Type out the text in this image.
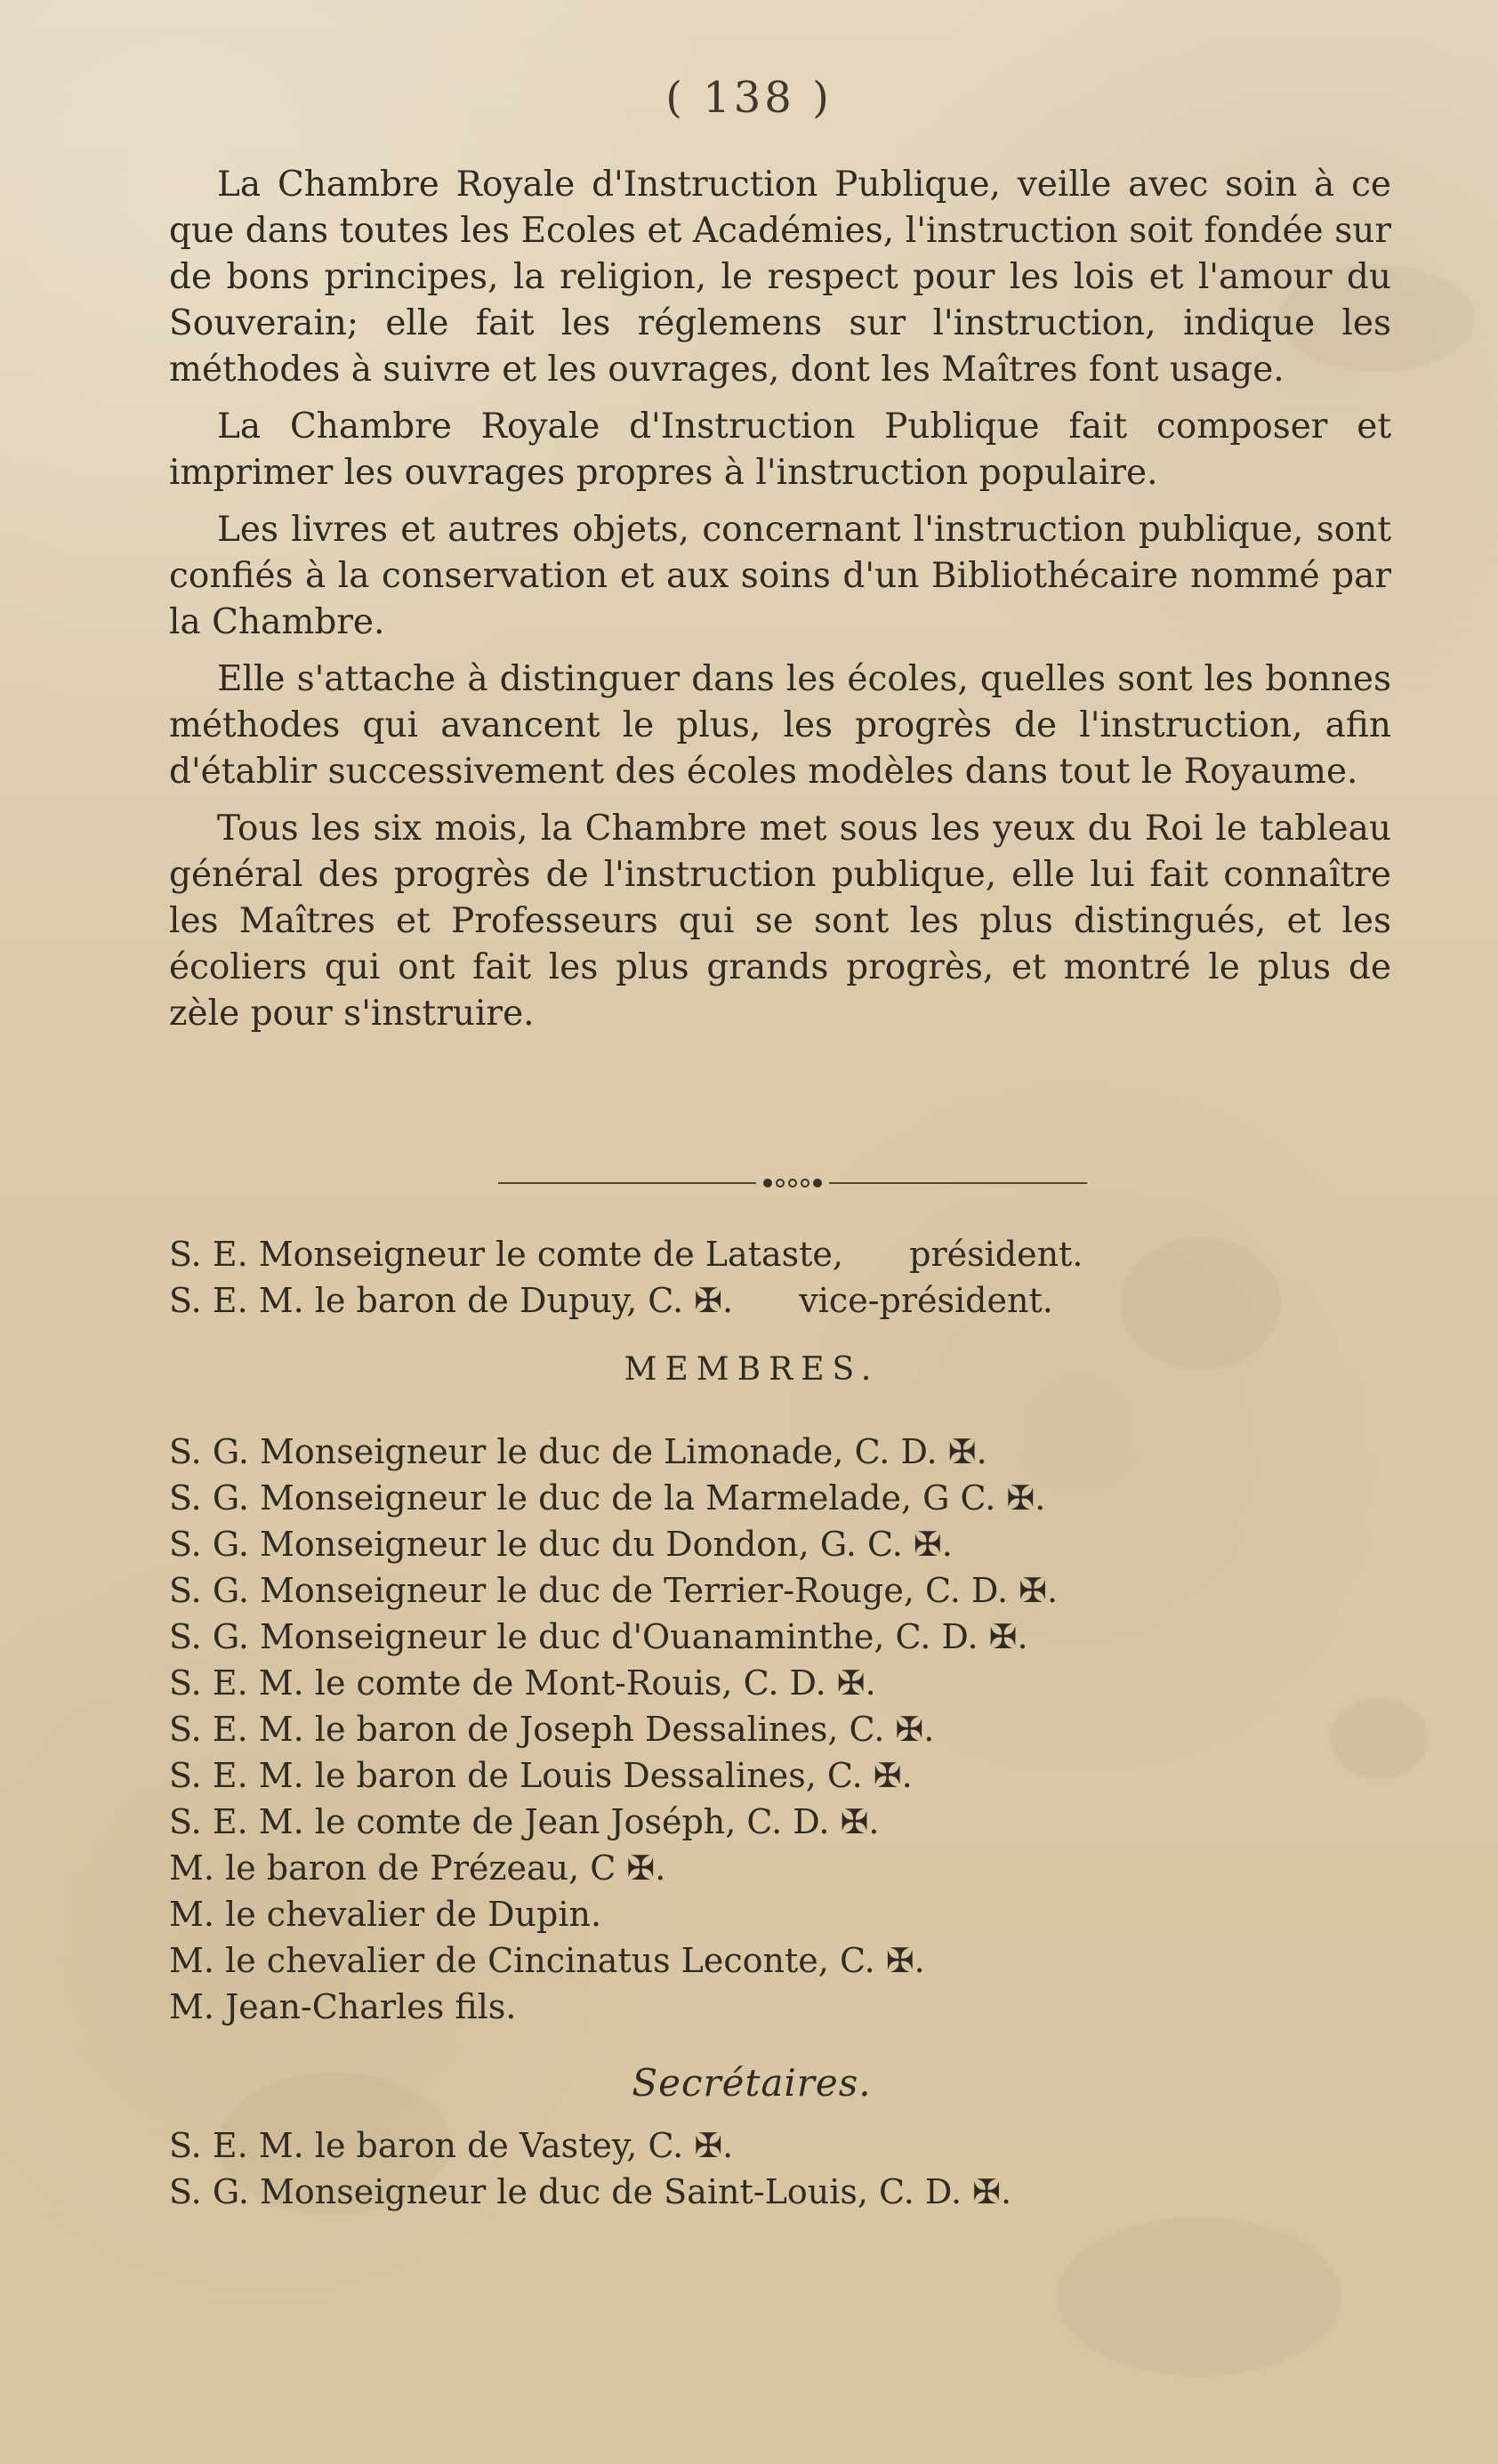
( 138 )

La Chambre Royale d'Instruction Publique, veille avec soin à ce que dans toutes les Ecoles et Académies, l'instruction soit fondée sur de bons principes, la religion, le respect pour les lois et l'amour du Souverain; elle fait les réglemens sur l'instruction, indique les méthodes à suivre et les ouvrages, dont les Maîtres font usage.

La Chambre Royale d'Instruction Publique fait composer et imprimer les ouvrages propres à l'instruction populaire.

Les livres et autres objets, concernant l'instruction publique, sont confiés à la conservation et aux soins d'un Bibliothécaire nommé par la Chambre.

Elle s'attache à distinguer dans les écoles, quelles sont les bonnes méthodes qui avancent le plus, les progrès de l'instruction, afin d'établir successivement des écoles modèles dans tout le Royaume.

Tous les six mois, la Chambre met sous les yeux du Roi le tableau général des progrès de l'instruction publique, elle lui fait connaître les Maîtres et Professeurs qui se sont les plus distingués, et les écoliers qui ont fait les plus grands progrès, et montré le plus de zèle pour s'instruire.

S. E. Monseigneur le comte de Lataste, président.
S. E. M. le baron de Dupuy, C. ✠. vice-président.
MEMBRES.
S. G. Monseigneur le duc de Limonade, C. D. ✠.
S. G. Monseigneur le duc de la Marmelade, G C. ✠.
S. G. Monseigneur le duc du Dondon, G. C. ✠.
S. G. Monseigneur le duc de Terrier-Rouge, C. D. ✠.
S. G. Monseigneur le duc d'Ouanaminthe, C. D. ✠.
S. E. M. le comte de Mont-Rouis, C. D. ✠.
S. E. M. le baron de Joseph Dessalines, C. ✠.
S. E. M. le baron de Louis Dessalines, C. ✠.
S. E. M. le comte de Jean Joséph, C. D. ✠.
M. le baron de Prézeau, C ✠.
M. le chevalier de Dupin.
M. le chevalier de Cincinatus Leconte, C. ✠.
M. Jean-Charles fils.
Secrétaires.
S. E. M. le baron de Vastey, C. ✠.
S. G. Monseigneur le duc de Saint-Louis, C. D. ✠.
